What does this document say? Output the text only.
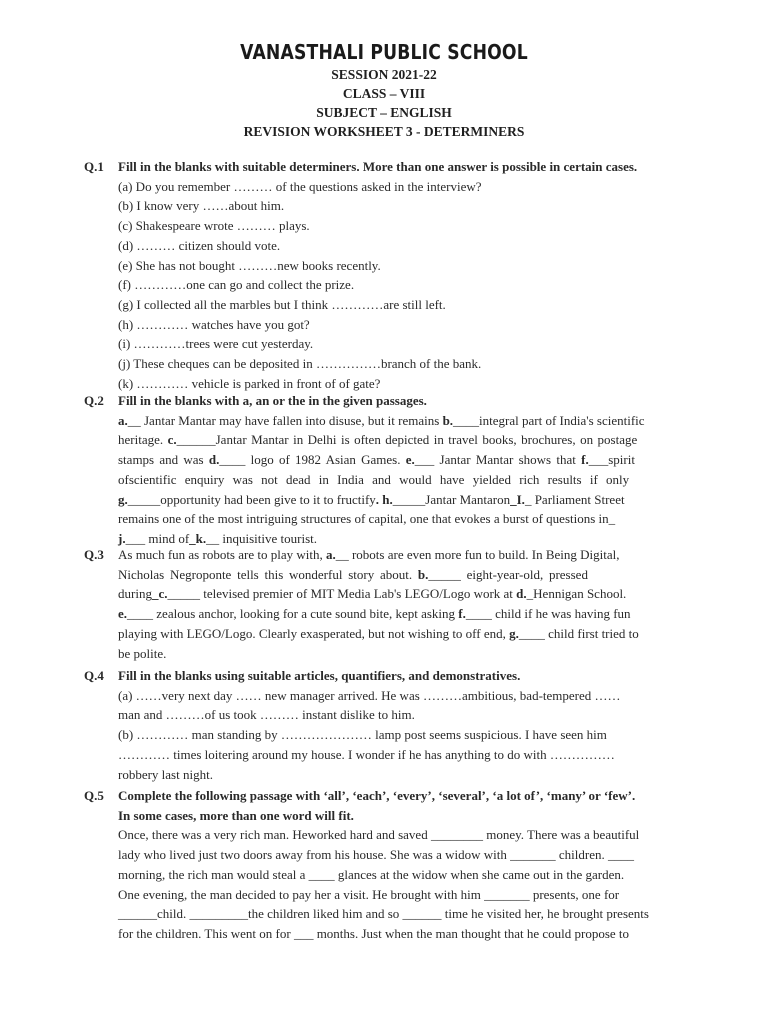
VANASTHALI PUBLIC SCHOOL
SESSION 2021-22
CLASS – VIII
SUBJECT – ENGLISH
REVISION WORKSHEET 3 - DETERMINERS
Q.1	Fill in the blanks with suitable determiners. More than one answer is possible in certain cases.
(a) Do you remember ……… of the questions asked in the interview?
(b) I know very ……about him.
(c) Shakespeare wrote ……… plays.
(d) ……… citizen should vote.
(e) She has not bought ………new books recently.
(f) …………one can go and collect the prize.
(g) I collected all the marbles but I think …………are still left.
(h) ………… watches have you got?
(i) …………trees were cut yesterday.
(j) These cheques can be deposited in ……………branch of the bank.
(k) ………… vehicle is parked in front of of gate?
Q.2	Fill in the blanks with a, an or the in the given passages.
a.__ Jantar Mantar may have fallen into disuse, but it remains b.____integral part of India's scientific
heritage. c.______Jantar Mantar in Delhi is often depicted in travel books, brochures, on postage
stamps and was d.____ logo of 1982 Asian Games. e.___ Jantar Mantar shows that f.___spirit
ofscientific enquiry was not dead in India and would have yielded rich results if only
g._____opportunity had been give to it to fructify. h._____Jantar Mantaron_I._ Parliament Street
remains one of the most intriguing structures of capital, one that evokes a burst of questions in_
j.___ mind of_k.__ inquisitive tourist.
Q.3	As much fun as robots are to play with, a.__ robots are even more fun to build. In Being Digital,
Nicholas Negroponte tells this wonderful story about. b._____ eight-year-old, pressed
during_c._____ televised premier of MIT Media Lab's LEGO/Logo work at d._Hennigan School.
e.____ zealous anchor, looking for a cute sound bite, kept asking f.____ child if he was having fun
playing with LEGO/Logo. Clearly exasperated, but not wishing to off end, g.____ child first tried to
be polite.
Q.4	Fill in the blanks using suitable articles, quantifiers, and demonstratives.
(a) ……very next day …… new manager arrived. He was ………ambitious, bad-tempered ……
man and ………of us took ……… instant dislike to him.
(b) ………… man standing by ………………… lamp post seems suspicious. I have seen him
………… times loitering around my house. I wonder if he has anything to do with ……………
robbery last night.
Q.5	Complete the following passage with ‘all’, ‘each’, ‘every’, ‘several’, ‘a lot of’, ‘many’ or ‘few’.
In some cases, more than one word will fit.
Once, there was a very rich man. Heworked hard and saved ________ money. There was a beautiful
lady who lived just two doors away from his house. She was a widow with _______ children. ____
morning, the rich man would steal a ____ glances at the widow when she came out in the garden.
One evening, the man decided to pay her a visit. He brought with him _______ presents, one for
______child. _________the children liked him and so ______ time he visited her, he brought presents
for the children. This went on for ___ months. Just when the man thought that he could propose to
